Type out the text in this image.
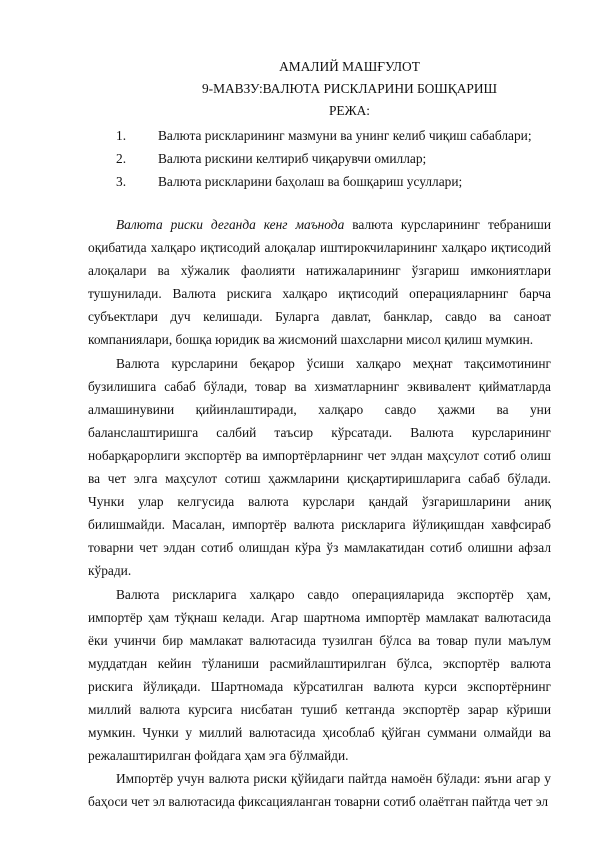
АМАЛИЙ МАШҒУЛОТ
9-МАВЗУ:ВАЛЮТА РИСКЛАРИНИ БОШҚАРИШ
РЕЖА:
1.	Валюта рискларининг мазмуни ва унинг келиб чиқиш сабаблари;
2.	Валюта рискини келтириб чиқарувчи омиллар;
3.	Валюта рискларини баҳолаш ва бошқариш усуллари;

Валюта риски деганда кенг маънода валюта курсларининг тебраниши оқибатида халқаро иқтисодий алоқалар иштирокчиларининг халқаро иқтисодий алоқалари ва хўжалик фаолияти натижаларининг ўзгариш имкониятлари тушунилади. Валюта рискига халқаро иқтисодий операцияларнинг барча субъектлари дуч келишади. Буларга давлат, банклар, савдо ва саноат компаниялари, бошқа юридик ва жисмоний шахсларни мисол қилиш мумкин.

Валюта курсларини беқарор ўсиши халқаро меҳнат тақсимотининг бузилишига сабаб бўлади, товар ва хизматларнинг эквивалент қийматларда алмашинувини қийинлаштиради, халқаро савдо ҳажми ва уни баланслаштиришга салбий таъсир кўрсатади. Валюта курсларининг нобарқарорлиги экспортёр ва импортёрларнинг чет элдан маҳсулот сотиб олиш ва чет элга маҳсулот сотиш ҳажмларини қисқартиришларига сабаб бўлади. Чунки улар келгусида валюта курслари қандай ўзгаришларини аниқ билишмайди. Масалан, импортёр валюта рискларига йўлиқишдан хавфсираб товарни чет элдан сотиб олишдан кўра ўз мамлакатидан сотиб олишни афзал кўради.

Валюта рискларига халқаро савдо операцияларида экспортёр ҳам, импортёр ҳам тўқнаш келади. Агар шартнома импортёр мамлакат валютасида ёки учинчи бир мамлакат валютасида тузилган бўлса ва товар пули маълум муддатдан кейин тўланиши расмийлаштирилган бўлса, экспортёр валюта рискига йўлиқади. Шартномада кўрсатилган валюта курси экспортёрнинг миллий валюта курсига нисбатан тушиб кетганда экспортёр зарар кўриши мумкин. Чунки у миллий валютасида ҳисоблаб қўйган суммани олмайди ва режалаштирилган фойдага ҳам эга бўлмайди.

Импортёр учун валюта риски қўйидаги пайтда намоён бўлади: яъни агар у баҳоси чет эл валютасида фиксацияланган товарни сотиб олаётган пайтда чет эл
